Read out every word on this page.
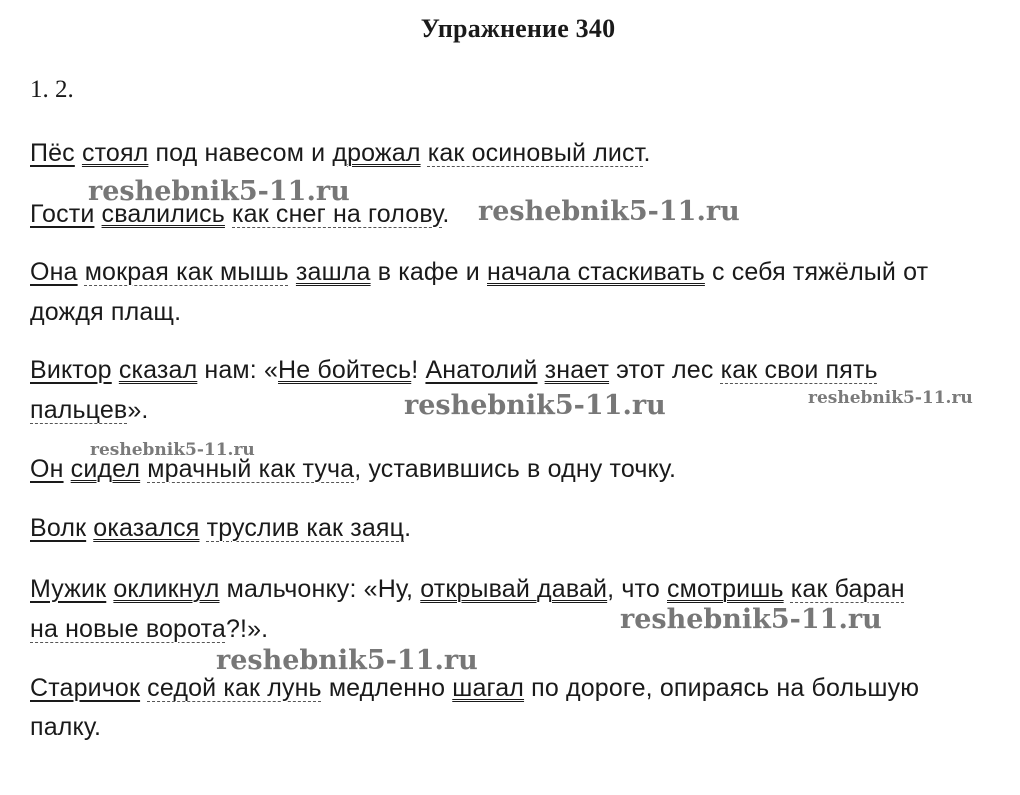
Упражнение 340
1. 2.
Пёс стоял под навесом и дрожал как осиновый лист.
Гости свалились как снег на голову.
Она мокрая как мышь зашла в кафе и начала стаскивать с себя тяжёлый от
дождя плащ.
Виктор сказал нам: «Не бойтесь! Анатолий знает этот лес как свои пять
пальцев».
Он сидел мрачный как туча, уставившись в одну точку.
Волк оказался труслив как заяц.
Мужик окликнул мальчонку: «Ну, открывай давай, что смотришь как баран
на новые ворота?!».
Старичок седой как лунь медленно шагал по дороге, опираясь на большую
палку.
reshebnik5-11.ru
reshebnik5-11.ru
reshebnik5-11.ru	reshebnik5-11.ru
reshebnik5-11.ru
reshebnik5-11.ru
reshebnik5-11.ru
